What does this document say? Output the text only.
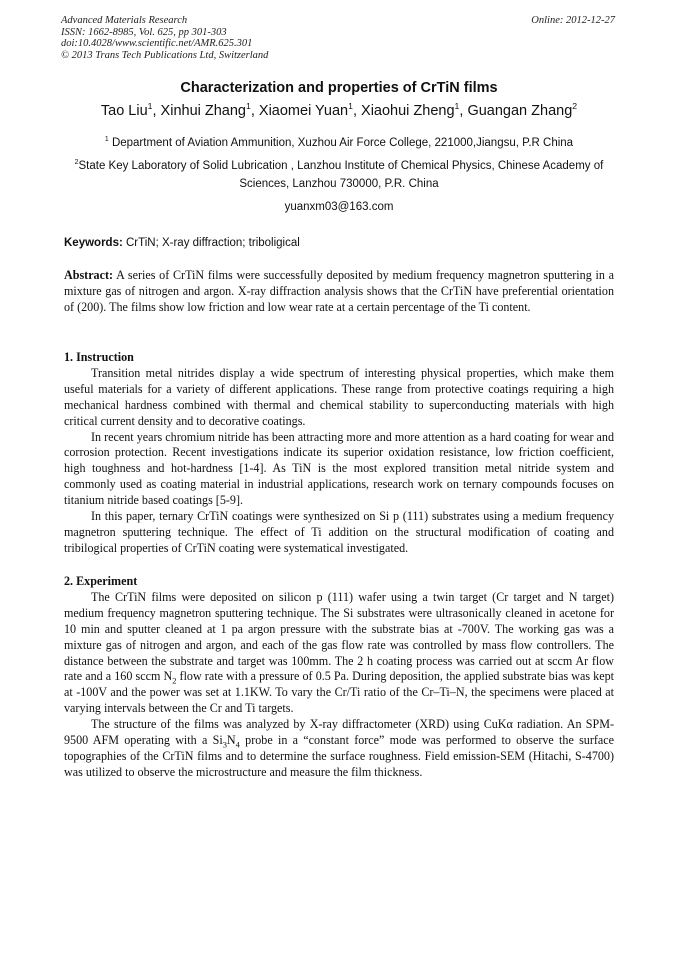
Advanced Materials Research
ISSN: 1662-8985, Vol. 625, pp 301-303
doi:10.4028/www.scientific.net/AMR.625.301
© 2013 Trans Tech Publications Ltd, Switzerland
Online: 2012-12-27
Characterization and properties of CrTiN films
Tao Liu$^1$, Xinhui Zhang$^1$, Xiaomei Yuan$^1$, Xiaohui Zheng$^1$, Guangan Zhang$^2$
$^1$ Department of Aviation Ammunition, Xuzhou Air Force College, 221000,Jiangsu, P.R China
$^2$State Key Laboratory of Solid Lubrication , Lanzhou Institute of Chemical Physics, Chinese Academy of Sciences, Lanzhou 730000, P.R. China
yuanxm03@163.com
Keywords: CrTiN; X-ray diffraction; triboligical

Abstract: A series of CrTiN films were successfully deposited by medium frequency magnetron sputtering in a mixture gas of nitrogen and argon. X-ray diffraction analysis shows that the CrTiN have preferential orientation of (200). The films show low friction and low wear rate at a certain percentage of the Ti content.

1. Instruction

Transition metal nitrides display a wide spectrum of interesting physical properties, which make them useful materials for a variety of different applications. These range from protective coatings requiring a high mechanical hardness combined with thermal and chemical stability to superconducting materials with high critical current density and to decorative coatings.

In recent years chromium nitride has been attracting more and more attention as a hard coating for wear and corrosion protection. Recent investigations indicate its superior oxidation resistance, low friction coefficient, high toughness and hot-hardness [1-4]. As TiN is the most explored transition metal nitride system and commonly used as coating material in industrial applications, research work on ternary compounds focuses on titanium nitride based coatings [5-9].

In this paper, ternary CrTiN coatings were synthesized on Si p (111) substrates using a medium frequency magnetron sputtering technique. The effect of Ti addition on the structural modification of coating and tribilogical properties of CrTiN coating were systematical investigated.

2. Experiment

The CrTiN films were deposited on silicon p (111) wafer using a twin target (Cr target and N target) medium frequency magnetron sputtering technique. The Si substrates were ultrasonically cleaned in acetone for 10 min and sputter cleaned at 1 pa argon pressure with the substrate bias at -700V. The working gas was a mixture gas of nitrogen and argon, and each of the gas flow rate was controlled by mass flow controllers. The distance between the substrate and target was 100mm. The 2 h coating process was carried out at sccm Ar flow rate and a 160 sccm $N_2$ flow rate with a pressure of 0.5 Pa. During deposition, the applied substrate bias was kept at -100V and the power was set at 1.1KW. To vary the Cr/Ti ratio of the Cr–Ti–N, the specimens were placed at varying intervals between the Cr and Ti targets.

The structure of the films was analyzed by X-ray diffractometer (XRD) using CuKα radiation. An SPM-9500 AFM operating with a $Si_3N_4$ probe in a “constant force” mode was performed to observe the surface topographies of the CrTiN films and to determine the surface roughness. Field emission-SEM (Hitachi, S-4700) was utilized to observe the microstructure and measure the film thickness.
